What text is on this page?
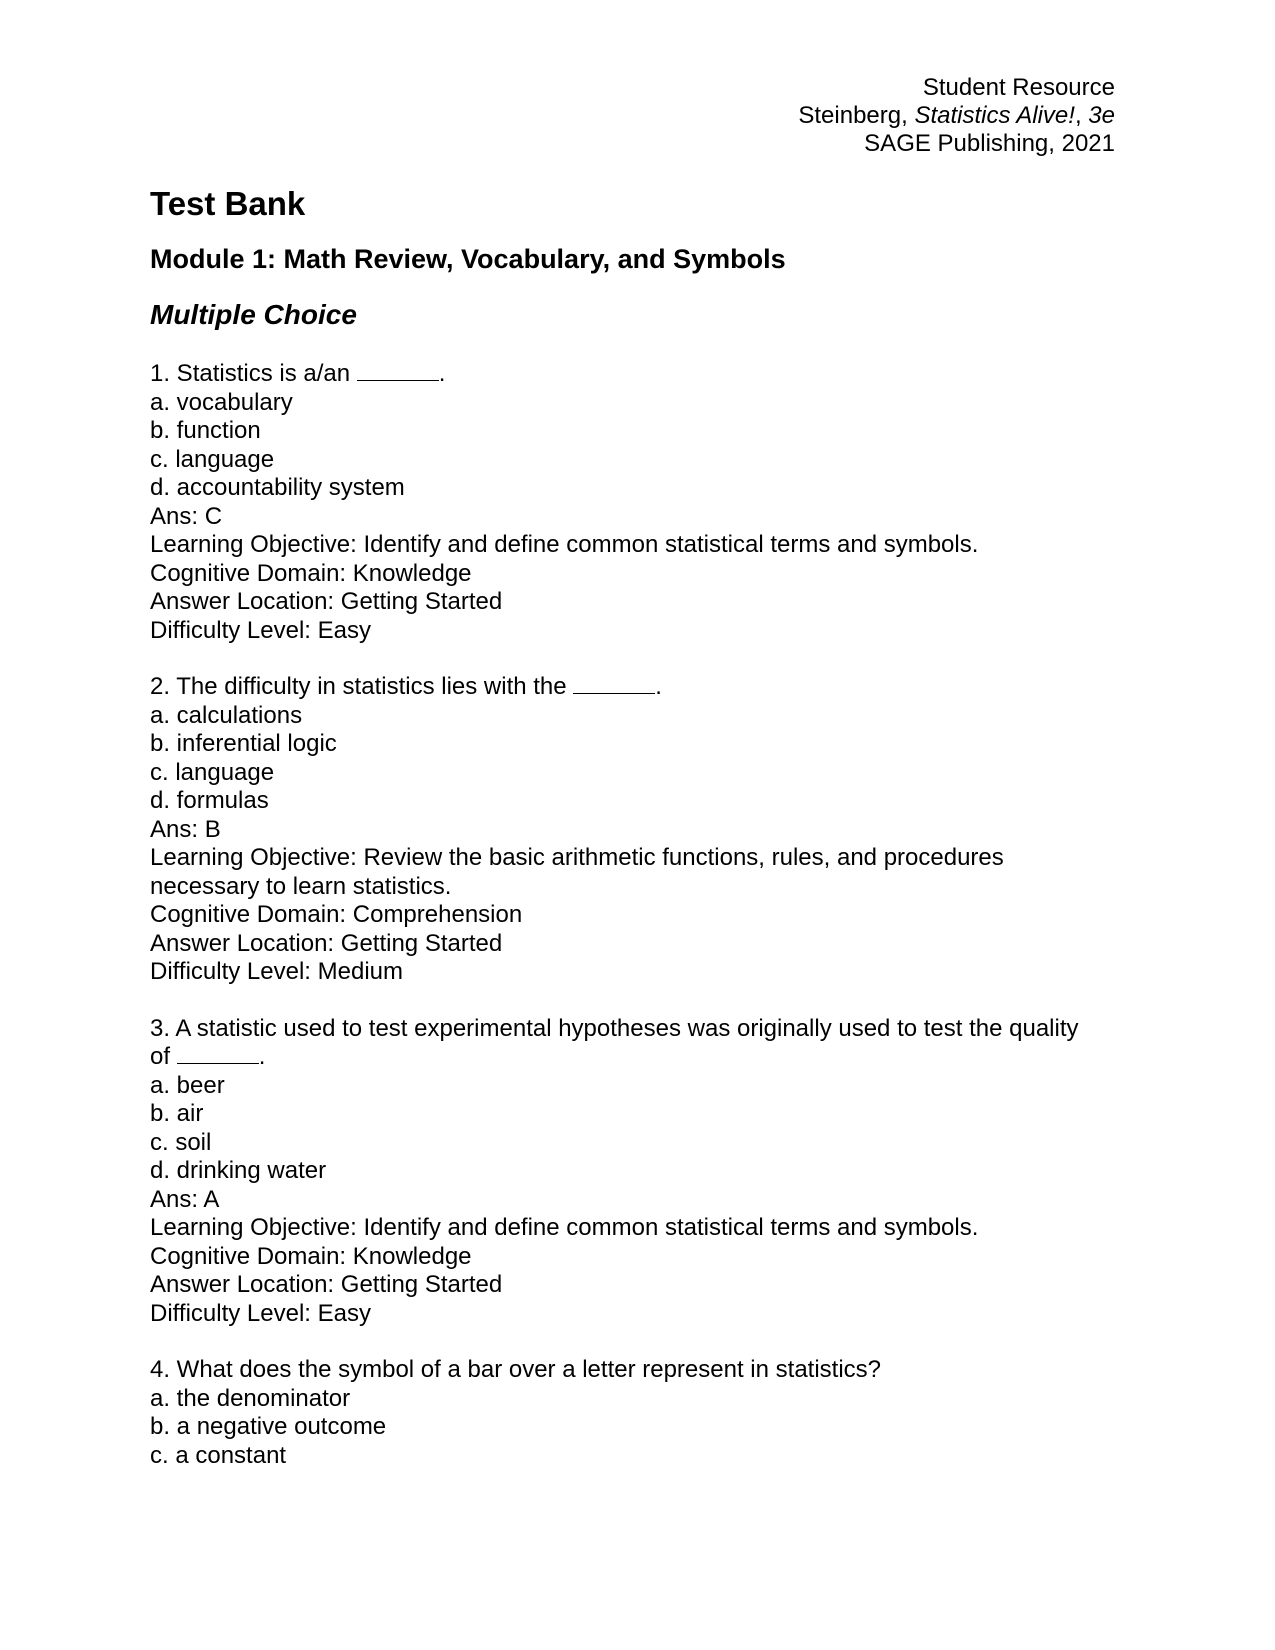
Student Resource
Steinberg, Statistics Alive!, 3e
SAGE Publishing, 2021
Test Bank
Module 1: Math Review, Vocabulary, and Symbols
Multiple Choice
1. Statistics is a/an	.
a. vocabulary
b. function
c. language
d. accountability system
Ans: C
Learning Objective: Identify and define common statistical terms and symbols.
Cognitive Domain: Knowledge
Answer Location: Getting Started
Difficulty Level: Easy
2. The difficulty in statistics lies with the	.
a. calculations
b. inferential logic
c. language
d. formulas
Ans: B
Learning Objective: Review the basic arithmetic functions, rules, and procedures
necessary to learn statistics.
Cognitive Domain: Comprehension
Answer Location: Getting Started
Difficulty Level: Medium
3. A statistic used to test experimental hypotheses was originally used to test the quality
of	.
a. beer
b. air
c. soil
d. drinking water
Ans: A
Learning Objective: Identify and define common statistical terms and symbols.
Cognitive Domain: Knowledge
Answer Location: Getting Started
Difficulty Level: Easy
4. What does the symbol of a bar over a letter represent in statistics?
a. the denominator
b. a negative outcome
c. a constant
